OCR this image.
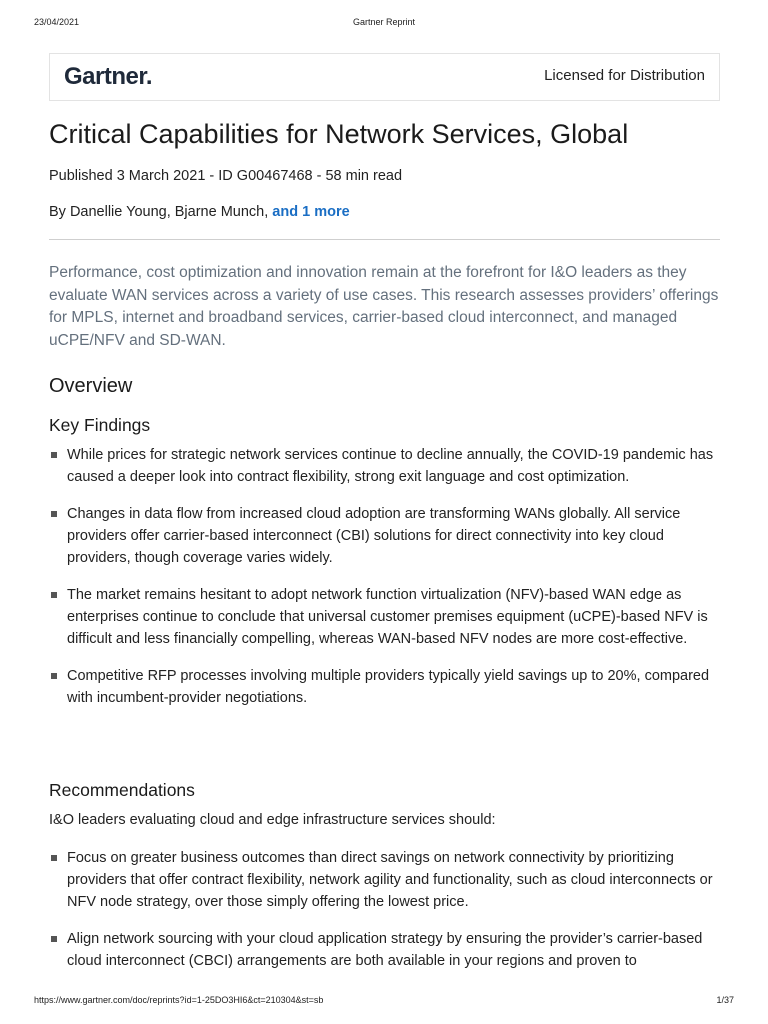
23/04/2021	Gartner Reprint
Gartner.	Licensed for Distribution
Critical Capabilities for Network Services, Global
Published 3 March 2021 - ID G00467468 - 58 min read
By Danellie Young, Bjarne Munch, and 1 more

Performance, cost optimization and innovation remain at the forefront for I&O leaders as they evaluate WAN services across a variety of use cases. This research assesses providers’ offerings for MPLS, internet and broadband services, carrier-based cloud interconnect, and managed uCPE/NFV and SD-WAN.

Overview
Key Findings
While prices for strategic network services continue to decline annually, the COVID-19 pandemic has caused a deeper look into contract flexibility, strong exit language and cost optimization.
Changes in data flow from increased cloud adoption are transforming WANs globally. All service providers offer carrier-based interconnect (CBI) solutions for direct connectivity into key cloud providers, though coverage varies widely.
The market remains hesitant to adopt network function virtualization (NFV)-based WAN edge as enterprises continue to conclude that universal customer premises equipment (uCPE)-based NFV is difficult and less financially compelling, whereas WAN-based NFV nodes are more cost-effective.
Competitive RFP processes involving multiple providers typically yield savings up to 20%, compared with incumbent-provider negotiations.
Recommendations
I&O leaders evaluating cloud and edge infrastructure services should:
Focus on greater business outcomes than direct savings on network connectivity by prioritizing providers that offer contract flexibility, network agility and functionality, such as cloud interconnects or NFV node strategy, over those simply offering the lowest price.
Align network sourcing with your cloud application strategy by ensuring the provider’s carrier-based cloud interconnect (CBCI) arrangements are both available in your regions and proven to
https://www.gartner.com/doc/reprints?id=1-25DO3HI6&ct=210304&st=sb	1/37
